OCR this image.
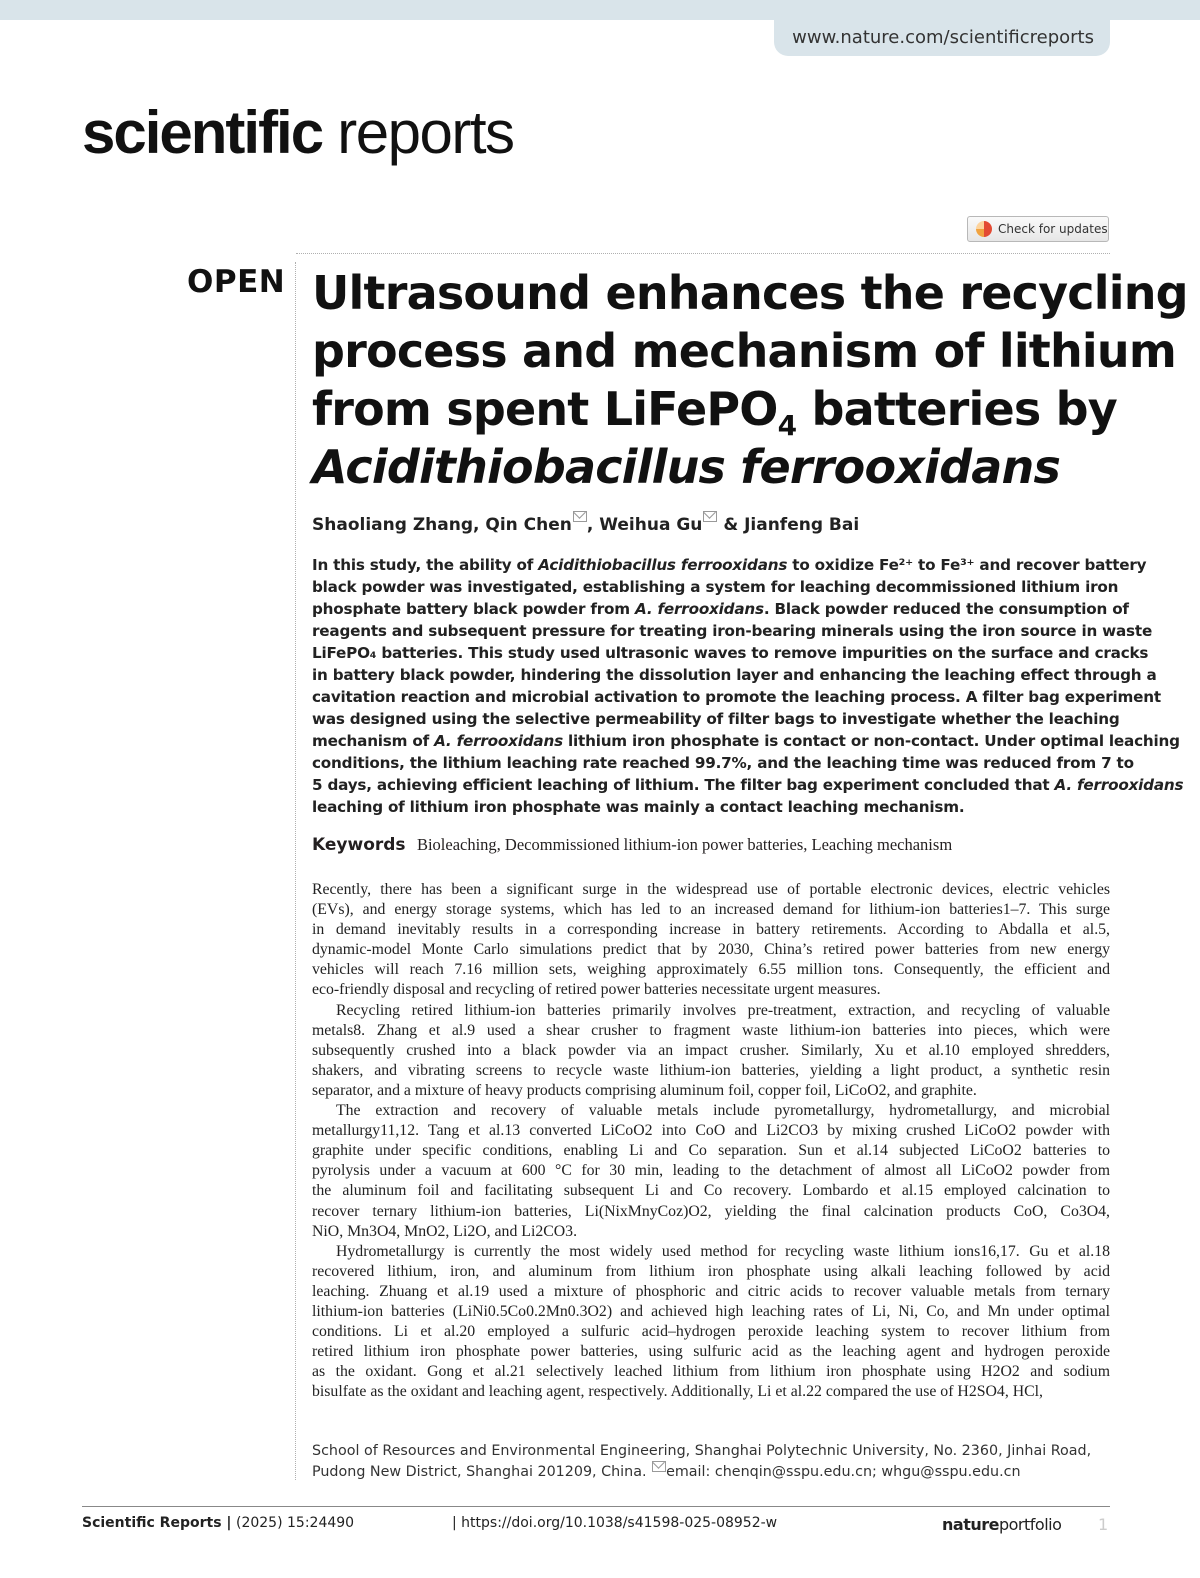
www.nature.com/scientificreports
scientific reports
Check for updates
OPEN Ultrasound enhances the recycling
process and mechanism of lithium
from spent LiFePO$_4$ batteries by
Acidithiobacillus ferrooxidans
Shaoliang Zhang, Qin Chen , Weihua Gu & Jianfeng Bai
In this study, the ability of Acidithiobacillus ferrooxidans to oxidize Fe²⁺ to Fe³⁺ and recover battery
black powder was investigated, establishing a system for leaching decommissioned lithium iron
phosphate battery black powder from A. ferrooxidans. Black powder reduced the consumption of
reagents and subsequent pressure for treating iron-bearing minerals using the iron source in waste
LiFePO₄ batteries. This study used ultrasonic waves to remove impurities on the surface and cracks
in battery black powder, hindering the dissolution layer and enhancing the leaching effect through a
cavitation reaction and microbial activation to promote the leaching process. A filter bag experiment
was designed using the selective permeability of filter bags to investigate whether the leaching
mechanism of A. ferrooxidans lithium iron phosphate is contact or non-contact. Under optimal leaching
conditions, the lithium leaching rate reached 99.7%, and the leaching time was reduced from 7 to
5 days, achieving efficient leaching of lithium. The filter bag experiment concluded that A. ferrooxidans
leaching of lithium iron phosphate was mainly a contact leaching mechanism.
Keywords Bioleaching, Decommissioned lithium-ion power batteries, Leaching mechanism
Recently, there has been a significant surge in the widespread use of portable electronic devices, electric vehicles
(EVs), and energy storage systems, which has led to an increased demand for lithium-ion batteries1–7. This surge
in demand inevitably results in a corresponding increase in battery retirements. According to Abdalla et al.5,
dynamic-model Monte Carlo simulations predict that by 2030, China’s retired power batteries from new energy
vehicles will reach 7.16 million sets, weighing approximately 6.55 million tons. Consequently, the efficient and
eco-friendly disposal and recycling of retired power batteries necessitate urgent measures.
Recycling retired lithium-ion batteries primarily involves pre-treatment, extraction, and recycling of valuable
metals8. Zhang et al.9 used a shear crusher to fragment waste lithium-ion batteries into pieces, which were
subsequently crushed into a black powder via an impact crusher. Similarly, Xu et al.10 employed shredders,
shakers, and vibrating screens to recycle waste lithium-ion batteries, yielding a light product, a synthetic resin
separator, and a mixture of heavy products comprising aluminum foil, copper foil, LiCoO2, and graphite.
The extraction and recovery of valuable metals include pyrometallurgy, hydrometallurgy, and microbial
metallurgy11,12. Tang et al.13 converted LiCoO2 into CoO and Li2CO3 by mixing crushed LiCoO2 powder with
graphite under specific conditions, enabling Li and Co separation. Sun et al.14 subjected LiCoO2 batteries to
pyrolysis under a vacuum at 600 °C for 30 min, leading to the detachment of almost all LiCoO2 powder from
the aluminum foil and facilitating subsequent Li and Co recovery. Lombardo et al.15 employed calcination to
recover ternary lithium-ion batteries, Li(NixMnyCoz)O2, yielding the final calcination products CoO, Co3O4,
NiO, Mn3O4, MnO2, Li2O, and Li2CO3.
Hydrometallurgy is currently the most widely used method for recycling waste lithium ions16,17. Gu et al.18
recovered lithium, iron, and aluminum from lithium iron phosphate using alkali leaching followed by acid
leaching. Zhuang et al.19 used a mixture of phosphoric and citric acids to recover valuable metals from ternary
lithium-ion batteries (LiNi0.5Co0.2Mn0.3O2) and achieved high leaching rates of Li, Ni, Co, and Mn under optimal
conditions. Li et al.20 employed a sulfuric acid–hydrogen peroxide leaching system to recover lithium from
retired lithium iron phosphate power batteries, using sulfuric acid as the leaching agent and hydrogen peroxide
as the oxidant. Gong et al.21 selectively leached lithium from lithium iron phosphate using H2O2 and sodium
bisulfate as the oxidant and leaching agent, respectively. Additionally, Li et al.22 compared the use of H2SO4, HCl,
School of Resources and Environmental Engineering, Shanghai Polytechnic University, No. 2360, Jinhai Road,
Pudong New District, Shanghai 201209, China. email: chenqin@sspu.edu.cn; whgu@sspu.edu.cn
Scientific Reports | (2025) 15:24490	| https://doi.org/10.1038/s41598-025-08952-w	natureportfolio 1
